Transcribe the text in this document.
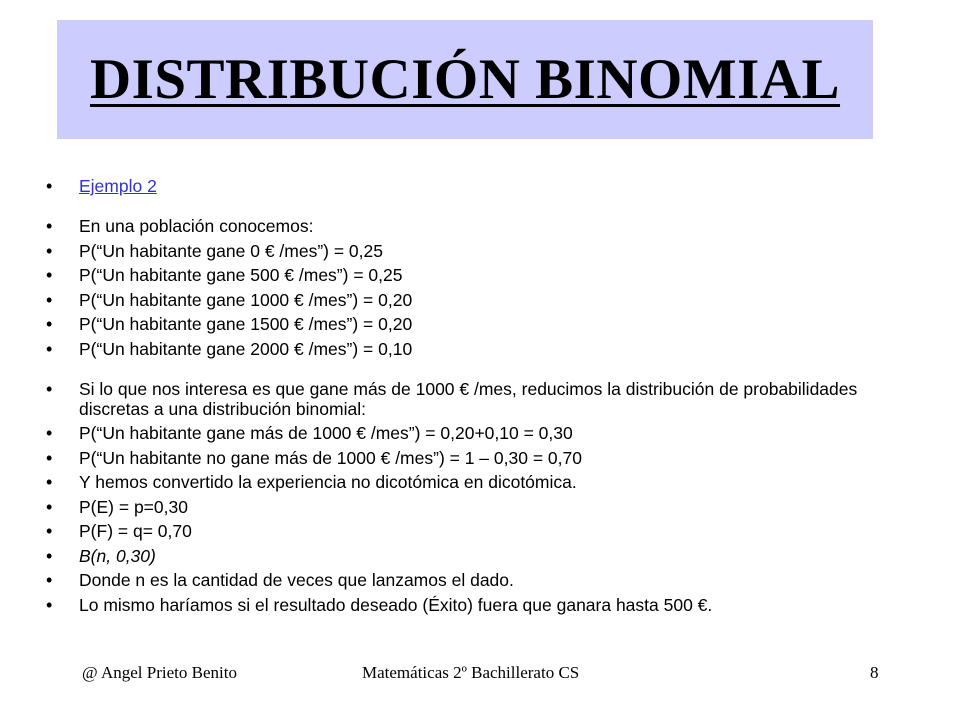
DISTRIBUCIÓN BINOMIAL
• Ejemplo 2
• En una población conocemos:
• P(“Un habitante gane 0 € /mes”) = 0,25
• P(“Un habitante gane 500 € /mes”) = 0,25
• P(“Un habitante gane 1000 € /mes”) = 0,20
• P(“Un habitante gane 1500 € /mes”) = 0,20
• P(“Un habitante gane 2000 € /mes”) = 0,10
• Si lo que nos interesa es que gane más de 1000 € /mes, reducimos la distribución de probabilidades discretas a una distribución binomial:
• P(“Un habitante gane más de 1000 € /mes”) = 0,20+0,10 = 0,30
• P(“Un habitante no gane más de 1000 € /mes”) = 1 – 0,30 = 0,70
• Y hemos convertido la experiencia no dicotómica en dicotómica.
• P(E) = p=0,30
• P(F) = q= 0,70
• B(n, 0,30)
• Donde n es la cantidad de veces que lanzamos el dado.
• Lo mismo haríamos si el resultado deseado (Éxito) fuera que ganara hasta 500 €.
@ Angel Prieto Benito	Matemáticas 2º Bachillerato CS	8
